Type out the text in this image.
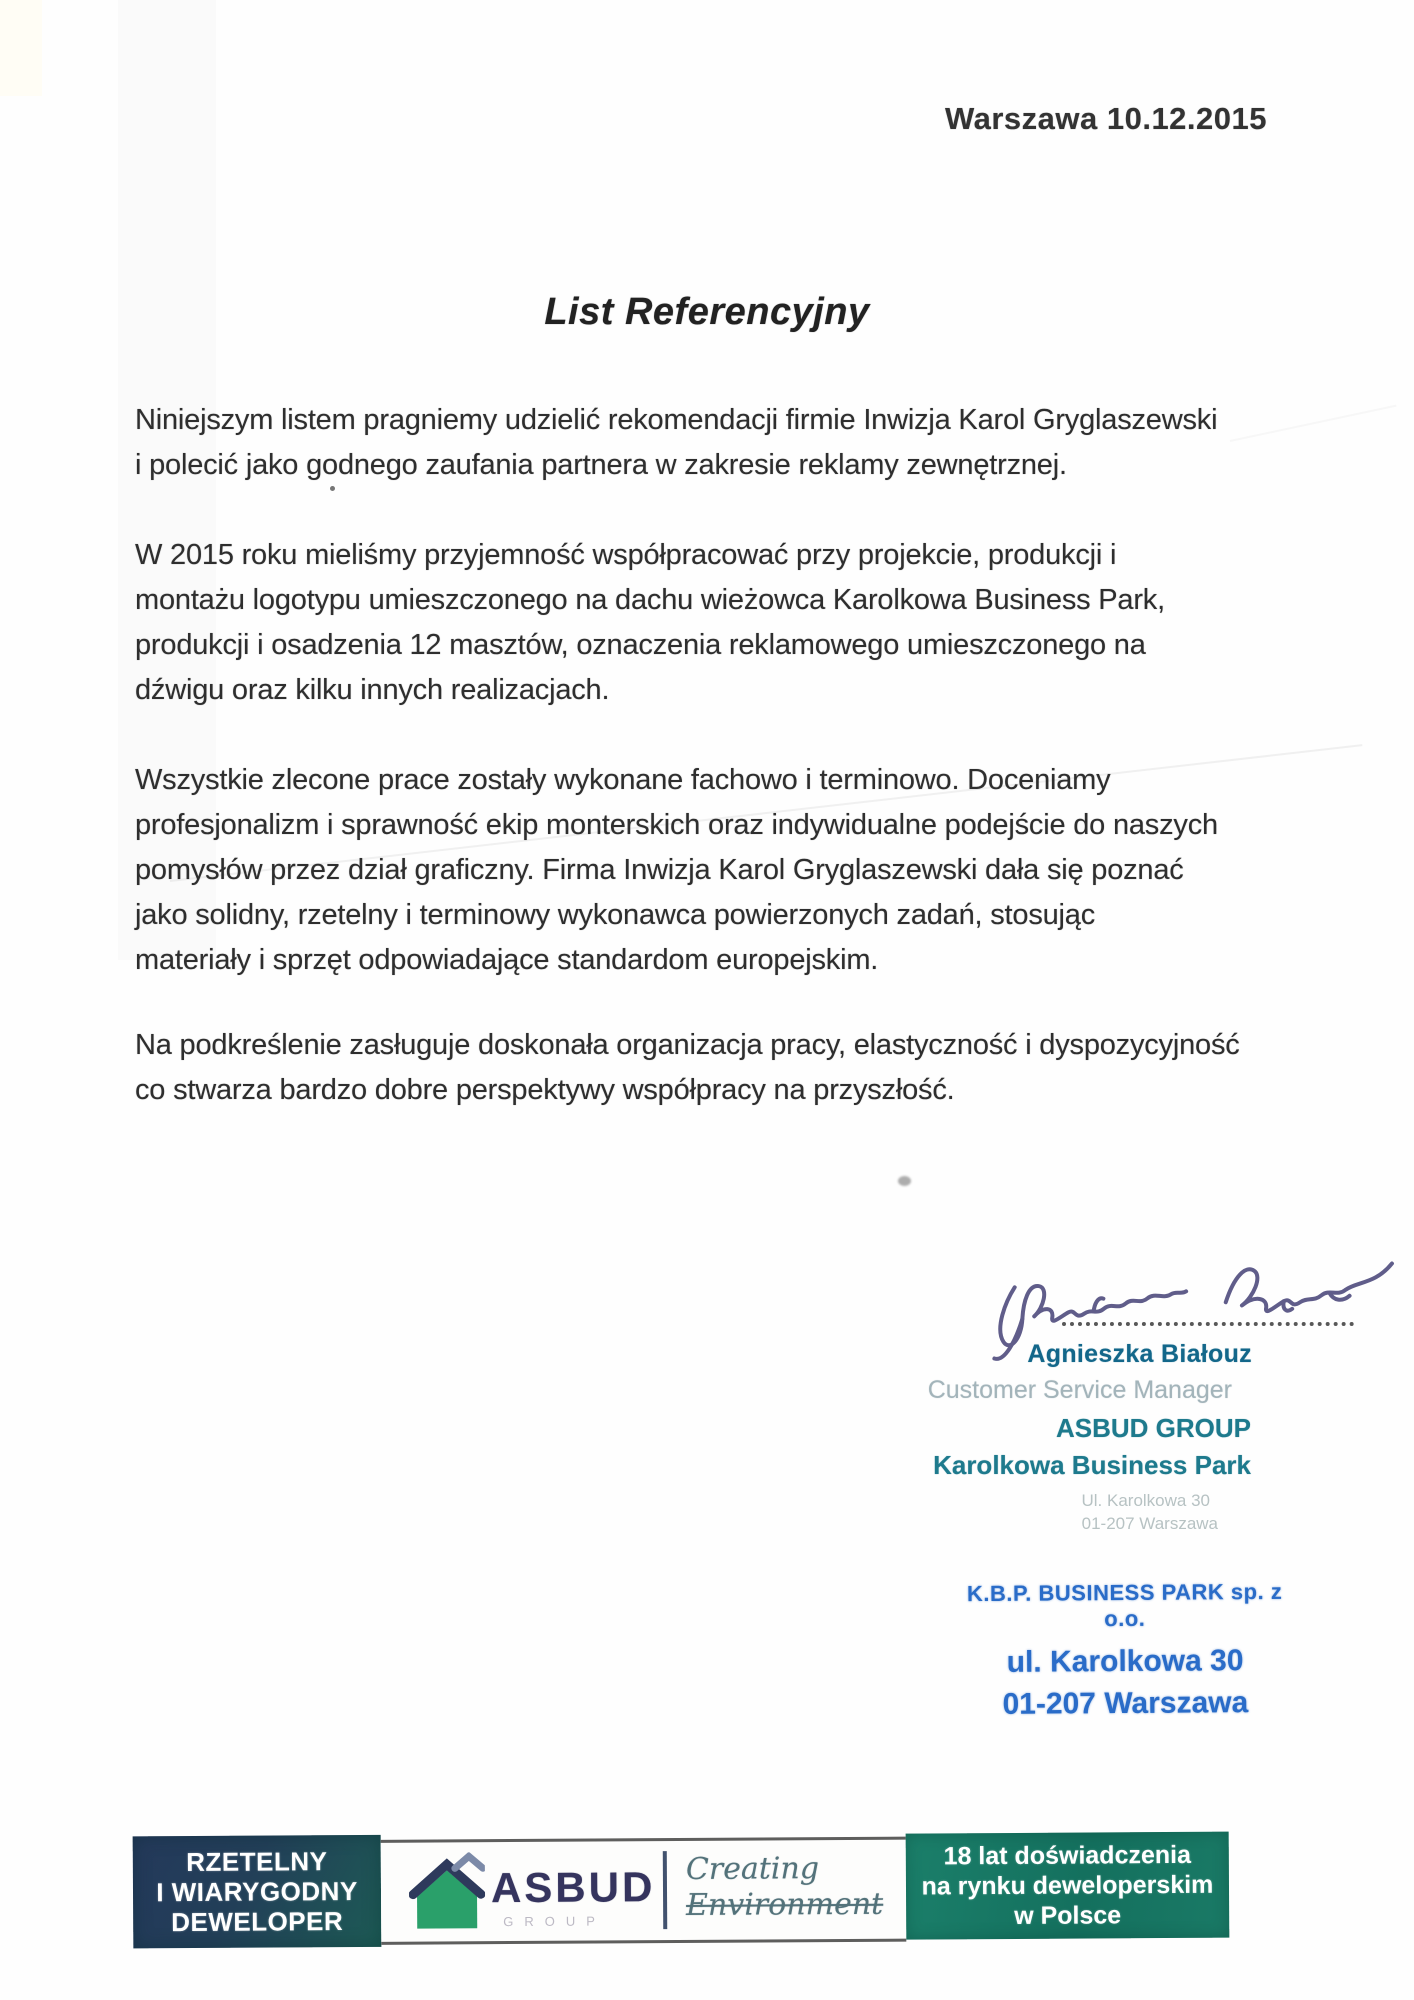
Warszawa 10.12.2015
List Referencyjny
Niniejszym listem pragniemy udzielić rekomendacji firmie Inwizja Karol Gryglaszewski
i polecić jako godnego zaufania partnera w zakresie reklamy zewnętrznej.
W 2015 roku mieliśmy przyjemność współpracować przy projekcie, produkcji i
montażu logotypu umieszczonego na dachu wieżowca Karolkowa Business Park,
produkcji i osadzenia 12 masztów, oznaczenia reklamowego umieszczonego na
dźwigu oraz kilku innych realizacjach.
Wszystkie zlecone prace zostały wykonane fachowo i terminowo. Doceniamy
profesjonalizm i sprawność ekip monterskich oraz indywidualne podejście do naszych
pomysłów przez dział graficzny. Firma Inwizja Karol Gryglaszewski dała się poznać
jako solidny, rzetelny i terminowy wykonawca powierzonych zadań, stosując
materiały i sprzęt odpowiadające standardom europejskim.
Na podkreślenie zasługuje doskonała organizacja pracy, elastyczność i dyspozycyjność
co stwarza bardzo dobre perspektywy współpracy na przyszłość.
Agnieszka Białouz
Customer Service Manager
ASBUD GROUP
Karolkowa Business Park
Ul. Karolkowa 30
01-207 Warszawa
K.B.P. BUSINESS PARK sp. z o.o.
ul. Karolkowa 30
01-207 Warszawa
RZETELNY
I WIARYGODNY
DEWELOPER
ASBUD
GROUP
Creating
Environment
18 lat doświadczenia
na rynku deweloperskim
w Polsce
